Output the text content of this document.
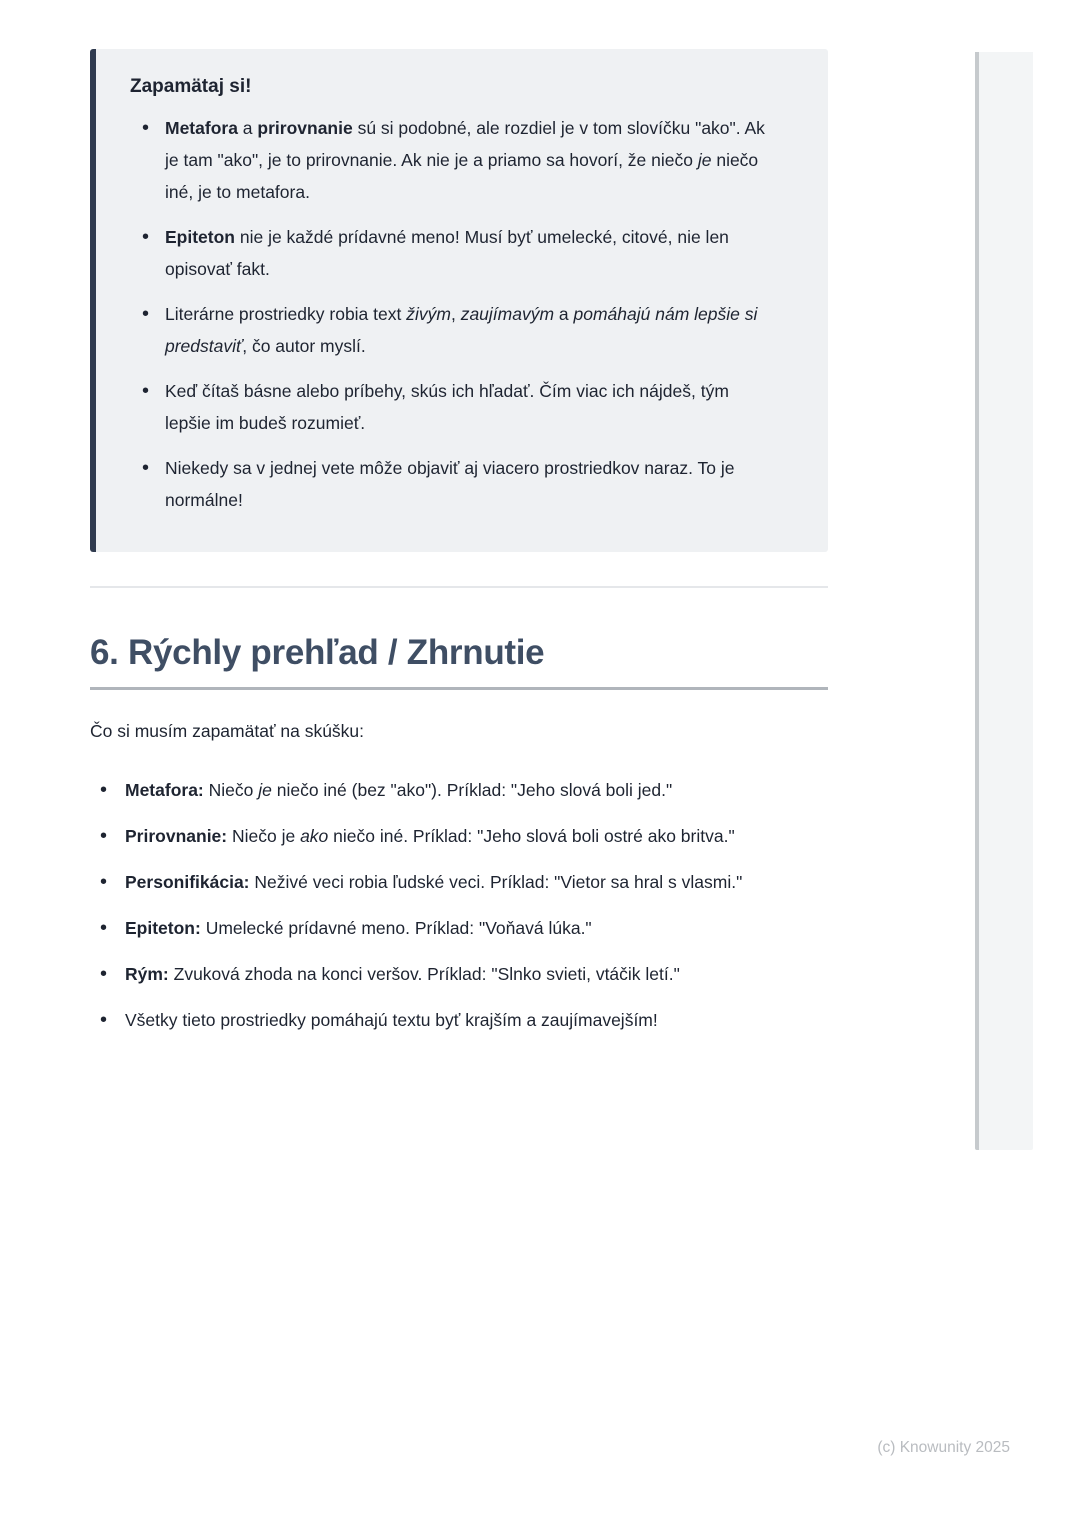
Zapamätaj si!
• Metafora a prirovnanie sú si podobné, ale rozdiel je v tom slovíčku "ako". Ak je tam "ako", je to prirovnanie. Ak nie je a priamo sa hovorí, že niečo je niečo iné, je to metafora.
• Epiteton nie je každé prídavné meno! Musí byť umelecké, citové, nie len opisovať fakt.
• Literárne prostriedky robia text živým, zaujímavým a pomáhajú nám lepšie si predstaviť, čo autor myslí.
• Keď čítaš básne alebo príbehy, skús ich hľadať. Čím viac ich nájdeš, tým lepšie im budeš rozumieť.
• Niekedy sa v jednej vete môže objaviť aj viacero prostriedkov naraz. To je normálne!
6. Rýchly prehľad / Zhrnutie

Čo si musím zapamätať na skúšku:

• Metafora: Niečo je niečo iné (bez "ako"). Príklad: "Jeho slová boli jed."
• Prirovnanie: Niečo je ako niečo iné. Príklad: "Jeho slová boli ostré ako britva."
• Personifikácia: Neživé veci robia ľudské veci. Príklad: "Vietor sa hral s vlasmi."
• Epiteton: Umelecké prídavné meno. Príklad: "Voňavá lúka."
• Rým: Zvuková zhoda na konci veršov. Príklad: "Slnko svieti, vtáčik letí."
• Všetky tieto prostriedky pomáhajú textu byť krajším a zaujímavejším!
(c) Knowunity 2025
